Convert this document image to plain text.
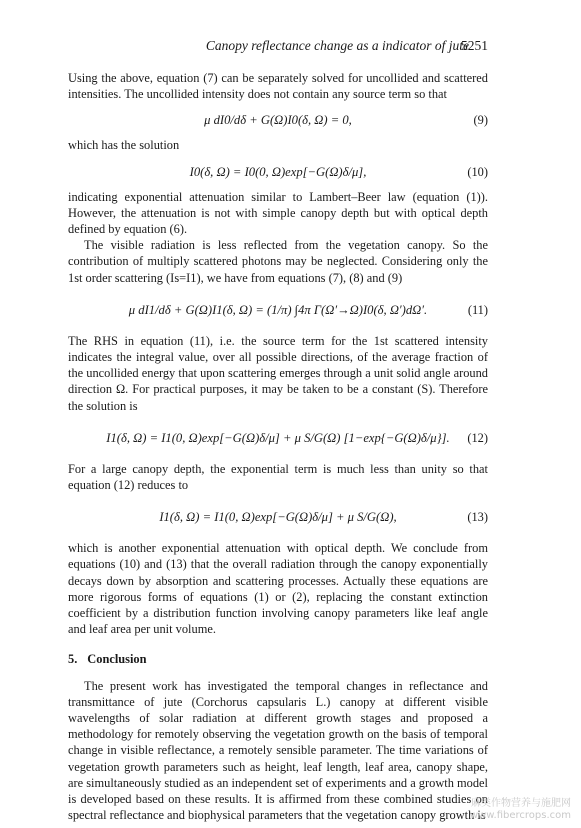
Canopy reflectance change as a indicator of jute
5251

Using the above, equation (7) can be separately solved for uncollided and scattered intensities. The uncollided intensity does not contain any source term so that

μ dI0/dδ + G(Ω)I0(δ, Ω) = 0,	(9)

which has the solution

I0(δ, Ω) = I0(0, Ω)exp[−G(Ω)δ/μ],	(10)

indicating exponential attenuation similar to Lambert–Beer law (equation (1)). However, the attenuation is not with simple canopy depth but with optical depth defined by equation (6).

The visible radiation is less reflected from the vegetation canopy. So the contribution of multiply scattered photons may be neglected. Considering only the 1st order scattering (Is=I1), we have from equations (7), (8) and (9)

μ dI1/dδ + G(Ω)I1(δ, Ω) = (1/π) ∫4π Γ(Ω′→Ω)I0(δ, Ω′)dΩ′.	(11)

The RHS in equation (11), i.e. the source term for the 1st scattered intensity indicates the integral value, over all possible directions, of the average fraction of the uncollided energy that upon scattering emerges through a unit solid angle around direction Ω. For practical purposes, it may be taken to be a constant (S). Therefore the solution is

I1(δ, Ω) = I1(0, Ω)exp[−G(Ω)δ/μ] + μ S/G(Ω) [1−exp{−G(Ω)δ/μ}].	(12)

For a large canopy depth, the exponential term is much less than unity so that equation (12) reduces to

I1(δ, Ω) = I1(0, Ω)exp[−G(Ω)δ/μ] + μ S/G(Ω),	(13)

which is another exponential attenuation with optical depth. We conclude from equations (10) and (13) that the overall radiation through the canopy exponentially decays down by absorption and scattering processes. Actually these equations are more rigorous forms of equations (1) or (2), replacing the constant extinction coefficient by a distribution function involving canopy parameters like leaf angle and leaf area per unit volume.

5. Conclusion

The present work has investigated the temporal changes in reflectance and transmittance of jute (Corchorus capsularis L.) canopy at different visible wavelengths of solar radiation at different growth stages and proposed a methodology for remotely observing the vegetation growth on the basis of temporal change in visible reflectance, a remotely sensible parameter. The time variations of vegetation growth parameters such as height, leaf length, leaf area, canopy shape, are simultaneously studied as an independent set of experiments and a growth model is developed based on these results. It is affirmed from these combined studies on spectral reflectance and biophysical parameters that the vegetation canopy growth is

麻类作物营养与施肥网
www.fibercrops.com
